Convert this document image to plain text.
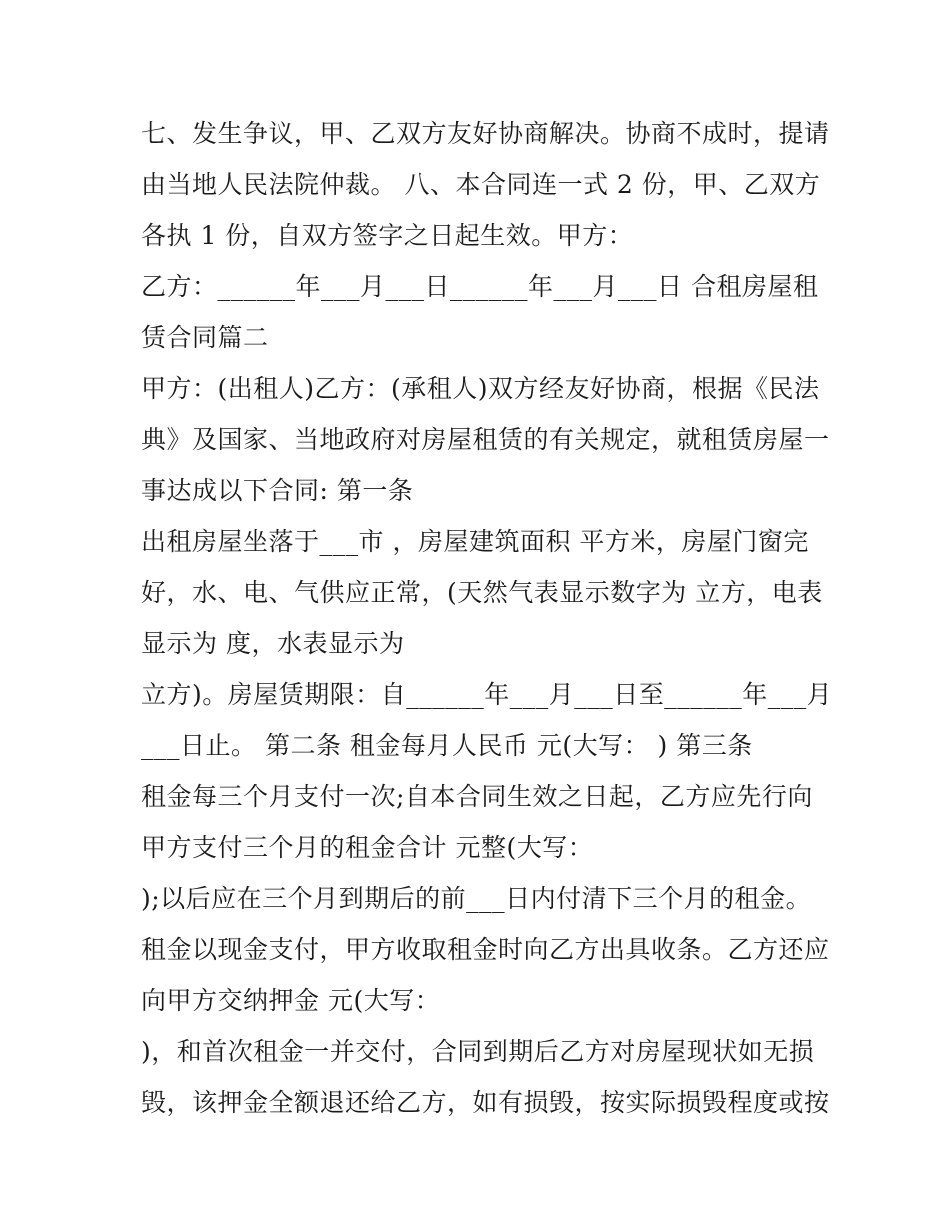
七、发生争议，甲、乙双方友好协商解决。协商不成时，提请
由当地人民法院仲裁。 八、本合同连一式 2 份，甲、乙双方
各执 1 份，自双方签字之日起生效。甲方：
乙方：______年___月___日______年___月___日 合租房屋租
赁合同篇二
甲方：(出租人)乙方：(承租人)双方经友好协商，根据《民法
典》及国家、当地政府对房屋租赁的有关规定，就租赁房屋一
事达成以下合同: 第一条
出租房屋坐落于___市 ，房屋建筑面积 平方米，房屋门窗完
好，水、电、气供应正常，(天然气表显示数字为 立方，电表
显示为 度，水表显示为
立方)。房屋赁期限：自______年___月___日至______年___月
___日止。 第二条 租金每月人民币 元(大写： ) 第三条
租金每三个月支付一次;自本合同生效之日起，乙方应先行向
甲方支付三个月的租金合计 元整(大写：
);以后应在三个月到期后的前___日内付清下三个月的租金。
租金以现金支付，甲方收取租金时向乙方出具收条。乙方还应
向甲方交纳押金 元(大写：
)，和首次租金一并交付，合同到期后乙方对房屋现状如无损
毁，该押金全额退还给乙方，如有损毁，按实际损毁程度或按
